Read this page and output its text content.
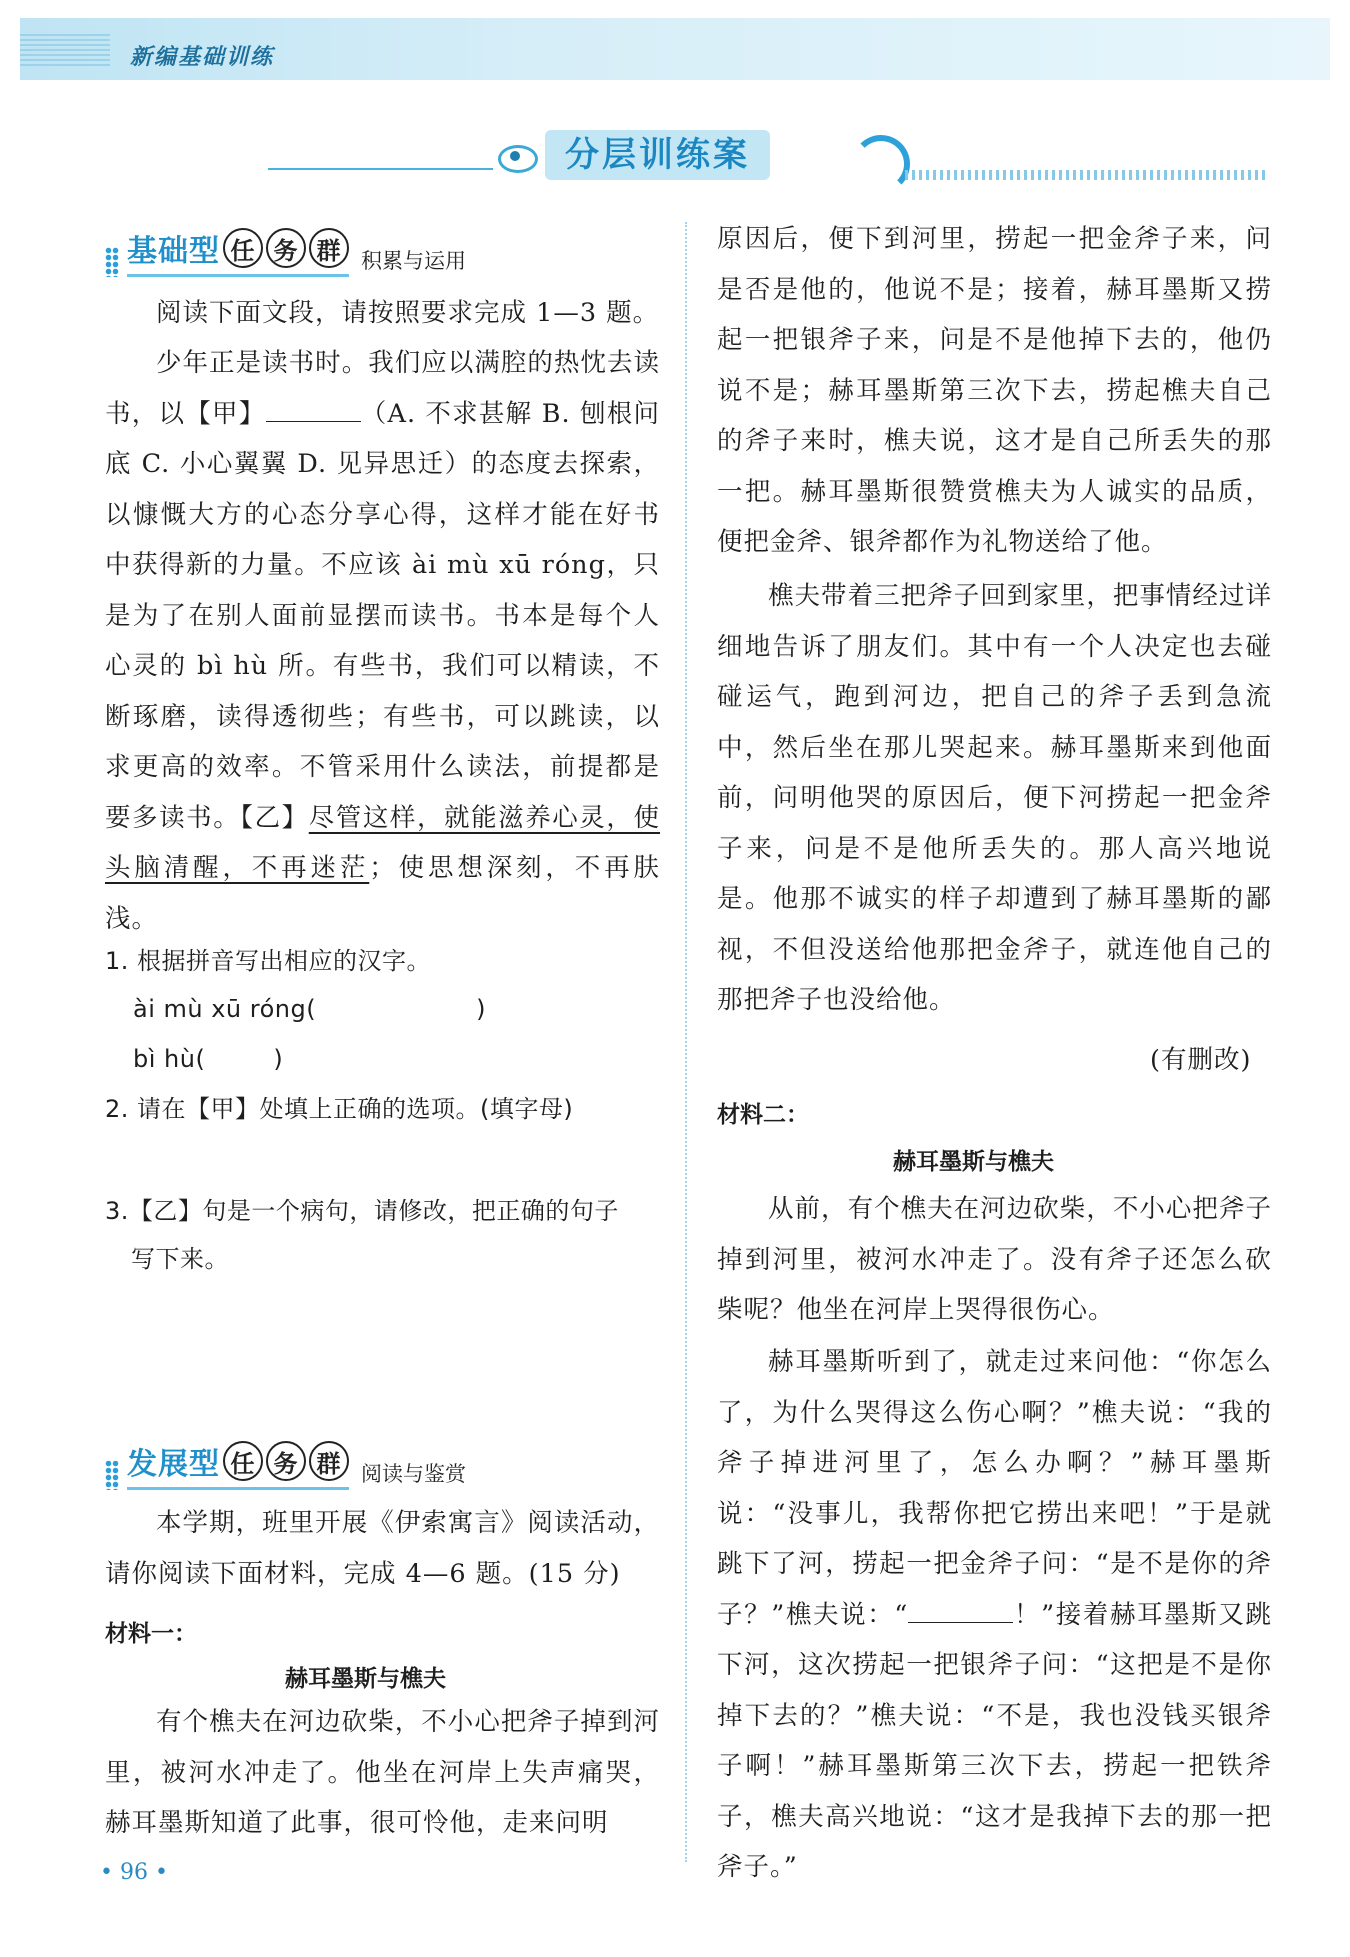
新编基础训练
分层训练案
基础型 任 务 群 积累与运用

阅读下面文段，请按照要求完成 1—3 题。

少年正是读书时。我们应以满腔的热忱去读书，以【甲】	（A. 不求甚解 B. 刨根问底 C. 小心翼翼 D. 见异思迁）的态度去探索，以慷慨大方的心态分享心得，这样才能在好书中获得新的力量。不应该 ài mù xū róng，只是为了在别人面前显摆而读书。书本是每个人心灵的 bì hù 所。有些书，我们可以精读，不断琢磨，读得透彻些；有些书，可以跳读，以求更高的效率。不管采用什么读法，前提都是要多读书。【乙】尽管这样，就能滋养心灵，使头脑清醒，不再迷茫；使思想深刻，不再肤浅。

1. 根据拼音写出相应的汉字。

ài mù xū róng(	)

bì hù(	)

2. 请在【甲】处填上正确的选项。(填字母)

3.【乙】句是一个病句，请修改，把正确的句子
写下来。

发展型 任 务 群 阅读与鉴赏

本学期，班里开展《伊索寓言》阅读活动，请你阅读下面材料，完成 4—6 题。(15 分)

材料一：

赫耳墨斯与樵夫

有个樵夫在河边砍柴，不小心把斧子掉到河里，被河水冲走了。他坐在河岸上失声痛哭，赫耳墨斯知道了此事，很可怜他，走来问明

• 96 •

原因后，便下到河里，捞起一把金斧子来，问是否是他的，他说不是；接着，赫耳墨斯又捞起一把银斧子来，问是不是他掉下去的，他仍说不是；赫耳墨斯第三次下去，捞起樵夫自己的斧子来时，樵夫说，这才是自己所丢失的那一把。赫耳墨斯很赞赏樵夫为人诚实的品质，便把金斧、银斧都作为礼物送给了他。

樵夫带着三把斧子回到家里，把事情经过详细地告诉了朋友们。其中有一个人决定也去碰碰运气，跑到河边，把自己的斧子丢到急流中，然后坐在那儿哭起来。赫耳墨斯来到他面前，问明他哭的原因后，便下河捞起一把金斧子来，问是不是他所丢失的。那人高兴地说是。他那不诚实的样子却遭到了赫耳墨斯的鄙视，不但没送给他那把金斧子，就连他自己的那把斧子也没给他。

(有删改)

材料二：

赫耳墨斯与樵夫

从前，有个樵夫在河边砍柴，不小心把斧子掉到河里，被河水冲走了。没有斧子还怎么砍柴呢？他坐在河岸上哭得很伤心。

赫耳墨斯听到了，就走过来问他：“你怎么了，为什么哭得这么伤心啊？”樵夫说：“我的斧子掉进河里了，怎么办啊？”赫耳墨斯说：“没事儿，我帮你把它捞出来吧！”于是就跳下了河，捞起一把金斧子问：“是不是你的斧子？”樵夫说：“	！”接着赫耳墨斯又跳下河，这次捞起一把银斧子问：“这把是不是你掉下去的？”樵夫说：“不是，我也没钱买银斧子啊！”赫耳墨斯第三次下去，捞起一把铁斧子，樵夫高兴地说：“这才是我掉下去的那一把斧子。”
